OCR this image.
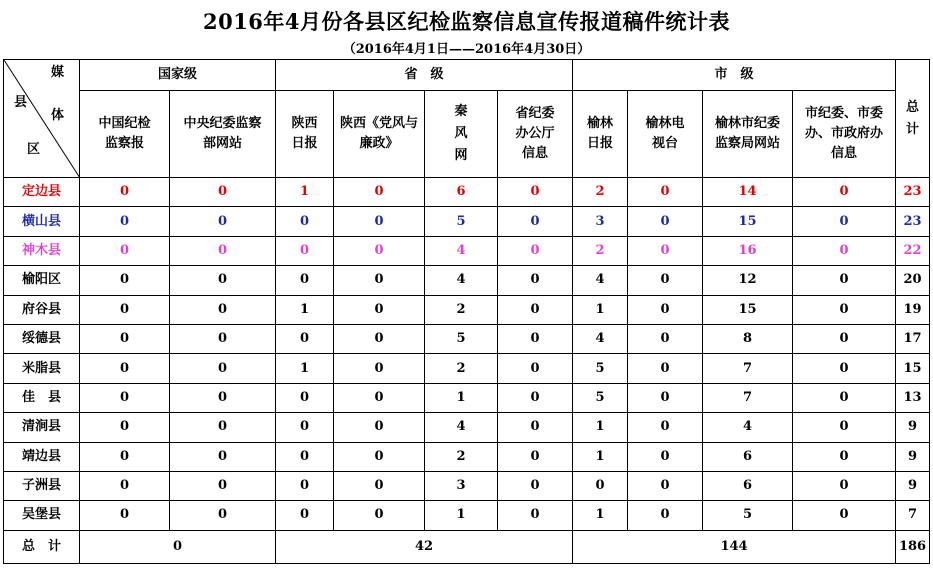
2016年4月份各县区纪检监察信息宣传报道稿件统计表
（2016年4月1日——2016年4月30日）
媒
体
县
区	国家级		省　级				市　级				总计

	中国纪检监察报	中央纪委监察部网站	陕西日报	陕西《党风与廉政》	秦风网	省纪委办公厅信息	榆林日报	榆林电视台	榆林市纪委监察局网站	市纪委、市委办、市政府办信息	

定边县	0	0	1	0	6	0	2	0	14	0	23
横山县	0	0	0	0	5	0	3	0	15	0	23
神木县	0	0	0	0	4	0	2	0	16	0	22
榆阳区	0	0	0	0	4	0	4	0	12	0	20
府谷县	0	0	1	0	2	0	1	0	15	0	19
绥德县	0	0	0	0	5	0	4	0	8	0	17
米脂县	0	0	1	0	2	0	5	0	7	0	15
佳　县	0	0	0	0	1	0	5	0	7	0	13
清涧县	0	0	0	0	4	0	1	0	4	0	9
靖边县	0	0	0	0	2	0	1	0	6	0	9
子洲县	0	0	0	0	3	0	0	0	6	0	9
吴堡县	0	0	0	0	1	0	1	0	5	0	7
总　计	0		42				144				186
